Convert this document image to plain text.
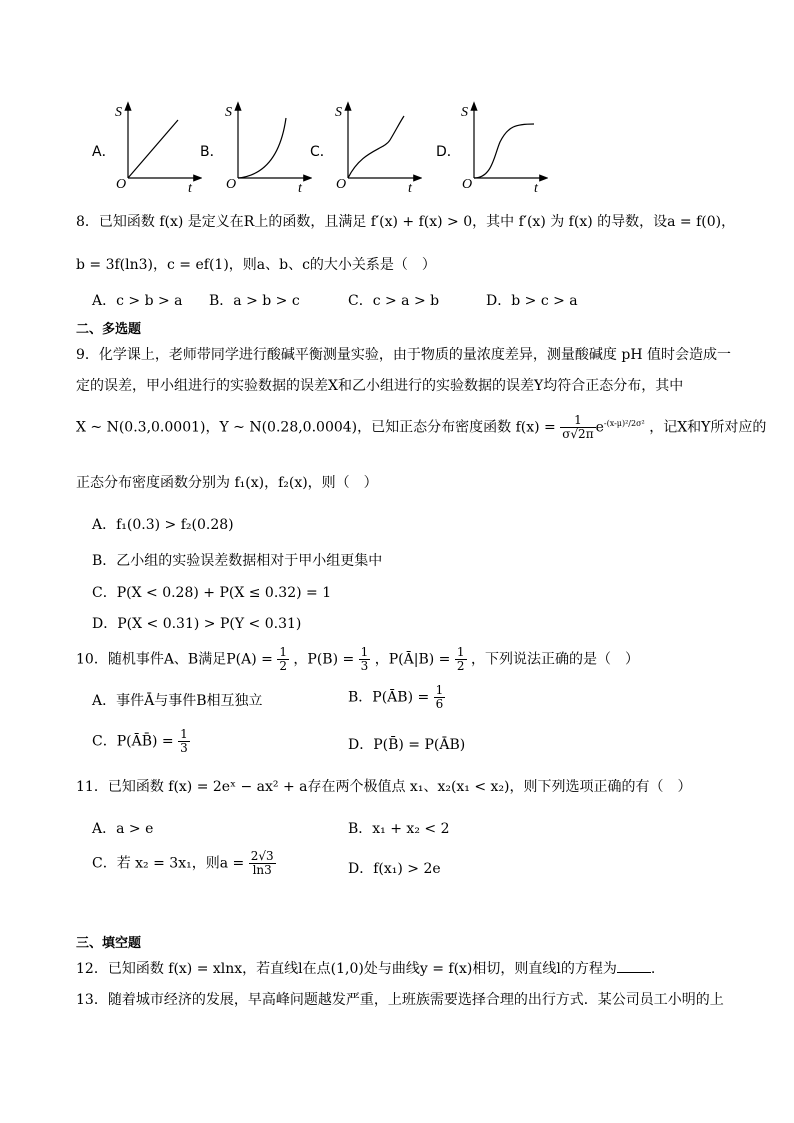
A．	B．	C．	D．
S
O	t
S
O	t
S
O	t
S
O	t
8．已知函数 f(x) 是定义在R上的函数，且满足 f′(x) + f(x) > 0，其中 f′(x) 为 f(x) 的导数，设a = f(0)，
b = 3f(ln3)，c = ef(1)，则a、b、c的大小关系是（　）
A．c > b > a B．a > b > c	C．c > a > b	D．b > c > a
二、多选题
9．化学课上，老师带同学进行酸碱平衡测量实验，由于物质的量浓度差异，测量酸碱度 pH 值时会造成一
定的误差，甲小组进行的实验数据的误差X和乙小组进行的实验数据的误差Y均符合正态分布，其中
X ~ N(0.3,0.0001)，Y ~ N(0.28,0.0004)，已知正态分布密度函数 $f(x) = \frac{1}{\sigma√2\pi} e^{-(x-\mu)^2/2\sigma^2}$ ，记X和Y所对应的
正态分布密度函数分别为 f₁(x)，f₂(x)，则（　）
A．f₁(0.3) > f₂(0.28)
B．乙小组的实验误差数据相对于甲小组更集中
C．P(X < 0.28) + P(X ≤ 0.32) = 1
D．P(X < 0.31) > P(Y < 0.31)
10．随机事件A、B满足$P(A) = \frac{1}{2}$ ，$P(B) = \frac{1}{3}$ ，P(Ā|B) = $\frac{1}{2}$ ，下列说法正确的是（　）
A．事件Ā与事件B相互独立	B．P(ĀB) = $\frac{1}{6}$
C．P(ĀB̄) = $\frac{1}{3}$	D．P(B̄) = P(ĀB)
11．已知函数 f(x) = 2eˣ − ax² + a存在两个极值点 x₁、x₂(x₁ < x₂)，则下列选项正确的有（　）
A．a > e	B．x₁ + x₂ < 2
C．若 x₂ = 3x₁，则$a = \frac{2√3}{\ln 3}$	D．f(x₁) > 2e
三、填空题
12．已知函数 f(x) = xlnx，若直线l在点(1,0)处与曲线y = f(x)相切，则直线l的方程为 .
13．随着城市经济的发展，早高峰问题越发严重，上班族需要选择合理的出行方式．某公司员工小明的上
